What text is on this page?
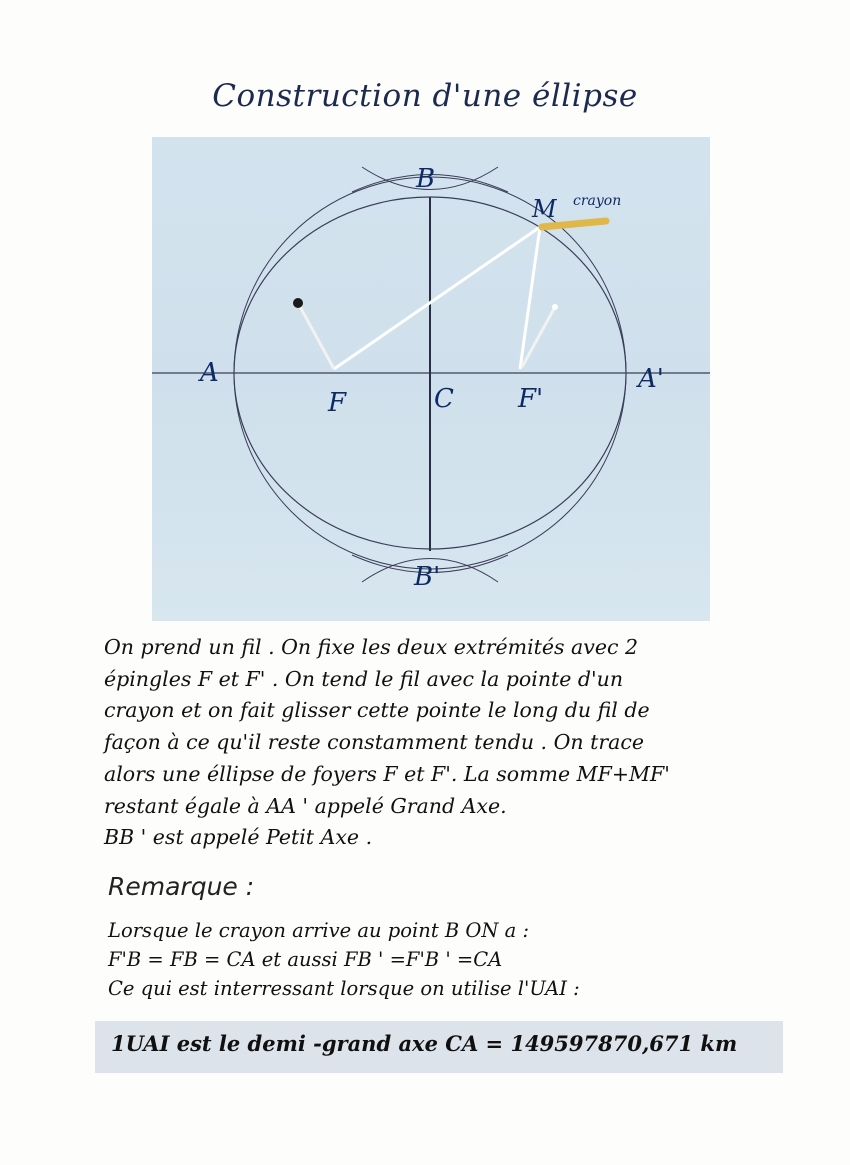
Construction d'une éllipse
B
B'
M crayon
A	A'
F	C F'
On prend un fil . On fixe les deux extrémités avec 2
épingles F et F' . On tend le fil avec la pointe d'un
crayon et on fait glisser cette pointe le long du fil de
façon à ce qu'il reste constamment tendu . On trace
alors une éllipse de foyers F et F'. La somme MF+MF'
restant égale à AA ' appelé Grand Axe.
BB ' est appelé Petit Axe .
Remarque :
Lorsque le crayon arrive au point B ON a :
F'B = FB = CA et aussi FB ' =F'B ' =CA
Ce qui est interressant lorsque on utilise l'UAI :
1UAI est le demi -grand axe CA = 149597870,671 km
